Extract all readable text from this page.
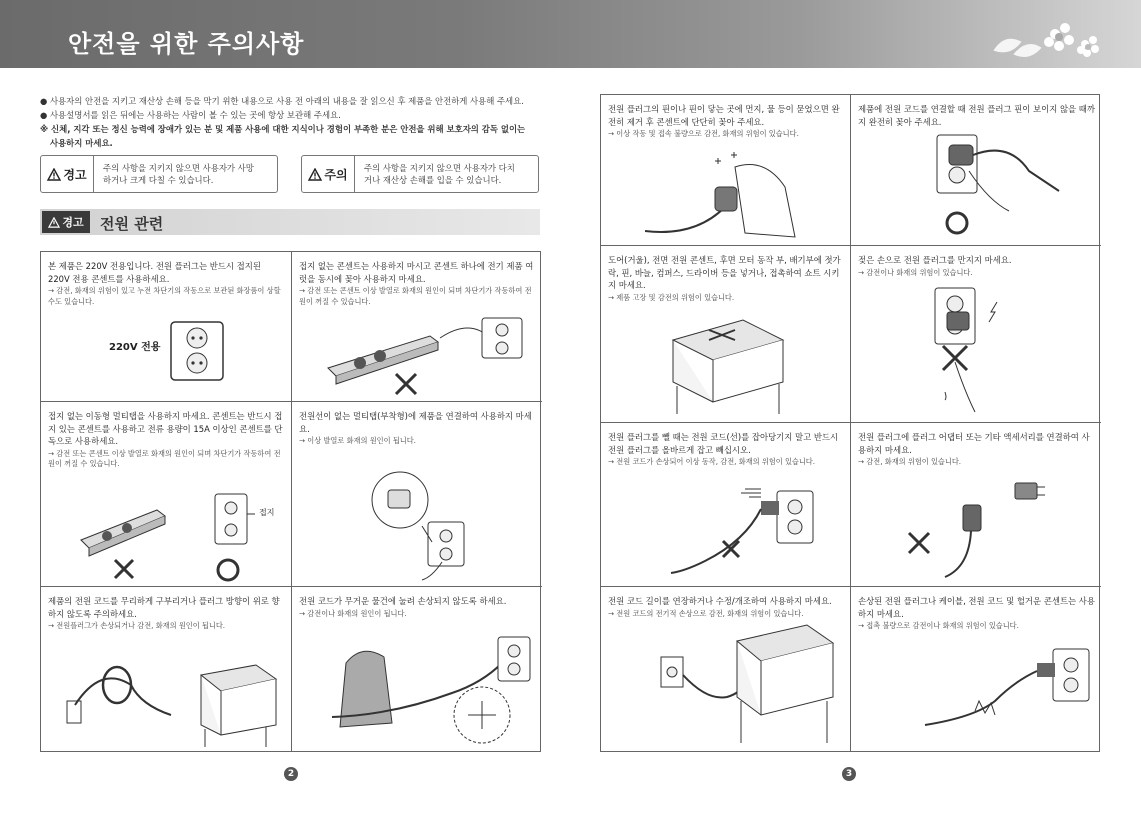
안전을 위한 주의사항
● 사용자의 안전을 지키고 재산상 손해 등을 막기 위한 내용으로 사용 전 아래의 내용을 잘 읽으신 후 제품을 안전하게 사용해 주세요.
● 사용설명서를 읽은 뒤에는 사용하는 사람이 볼 수 있는 곳에 항상 보관해 주세요.
※ 신체, 지각 또는 정신 능력에 장애가 있는 분 및 제품 사용에 대한 지식이나 경험이 부족한 분은 안전을 위해 보호자의 감독 없이는
사용하지 마세요.
경고 주의 사항을 지키지 않으면 사용자가 사망
하거나 크게 다칠 수 있습니다.	주의 주의 사항을 지키지 않으면 사용자가 다치
거나 재산상 손해를 입을 수 있습니다.
경고 전원 관련
본 제품은 220V 전용입니다. 전원 플러그는 반드시 접지된 220V 전용 콘센트를 사용하세요.
→ 감전, 화재의 위험이 있고 누전 차단기의 작동으로 보관된 화장품이 상할 수도 있습니다.
220V 전용
접지 없는 콘센트는 사용하지 마시고 콘센트 하나에 전기 제품 여럿을 동시에 꽂아 사용하지 마세요.
→ 감전 또는 콘센트 이상 발열로 화재의 원인이 되며 차단기가 작동하여 전원이 꺼질 수 있습니다.
접지 없는 이동형 멀티탭을 사용하지 마세요. 콘센트는 반드시 접지 있는 콘센트를 사용하고 전류 용량이 15A 이상인 콘센트를 단독으로 사용하세요.
→ 감전 또는 콘센트 이상 발열로 화재의 원인이 되며 차단기가 작동하여 전원이 꺼질 수 있습니다.
접지
전원선이 없는 멀티탭(부착형)에 제품을 연결하여 사용하지 마세요.
→ 이상 발열로 화재의 원인이 됩니다.
제품의 전원 코드를 무리하게 구부리거나 플러그 방향이 위로 향하지 않도록 주의하세요.
→ 전원플러그가 손상되거나 감전, 화재의 원인이 됩니다.
전원 코드가 무거운 물건에 눌려 손상되지 않도록 하세요.
→ 감전이나 화재의 원인이 됩니다.
전원 플러그의 핀이나 핀이 닿는 곳에 먼지, 물 등이 묻었으면 완전히 제거 후 콘센트에 단단히 꽂아 주세요.
→ 이상 작동 및 접속 불량으로 감전, 화재의 위험이 있습니다.
제품에 전원 코드를 연결할 때 전원 플러그 핀이 보이지 않을 때까지 완전히 꽂아 주세요.
도어(거울), 전면 전원 콘센트, 후면 모터 동작 부, 배기부에 젓가락, 핀, 바늘, 컴퍼스, 드라이버 등을 넣거나, 접촉하여 쇼트 시키지 마세요.
→ 제품 고장 및 감전의 위험이 있습니다.
젖은 손으로 전원 플러그를 만지지 마세요.
→ 감전이나 화재의 위험이 있습니다.
전원 플러그를 뺄 때는 전원 코드(선)를 잡아당기지 말고 반드시 전원 플러그를 올바르게 잡고 빼십시오.
→ 전원 코드가 손상되어 이상 동작, 감전, 화재의 위험이 있습니다.
전원 플러그에 플러그 어댑터 또는 기타 액세서리를 연결하여 사용하지 마세요.
→ 감전, 화재의 위험이 있습니다.
전원 코드 길이를 연장하거나 수정/개조하여 사용하지 마세요.
→ 전원 코드의 전기적 손상으로 감전, 화재의 위험이 있습니다.
손상된 전원 플러그나 케이블, 전원 코드 및 헐거운 콘센트는 사용하지 마세요.
→ 접촉 불량으로 감전이나 화재의 위험이 있습니다.
2	3
